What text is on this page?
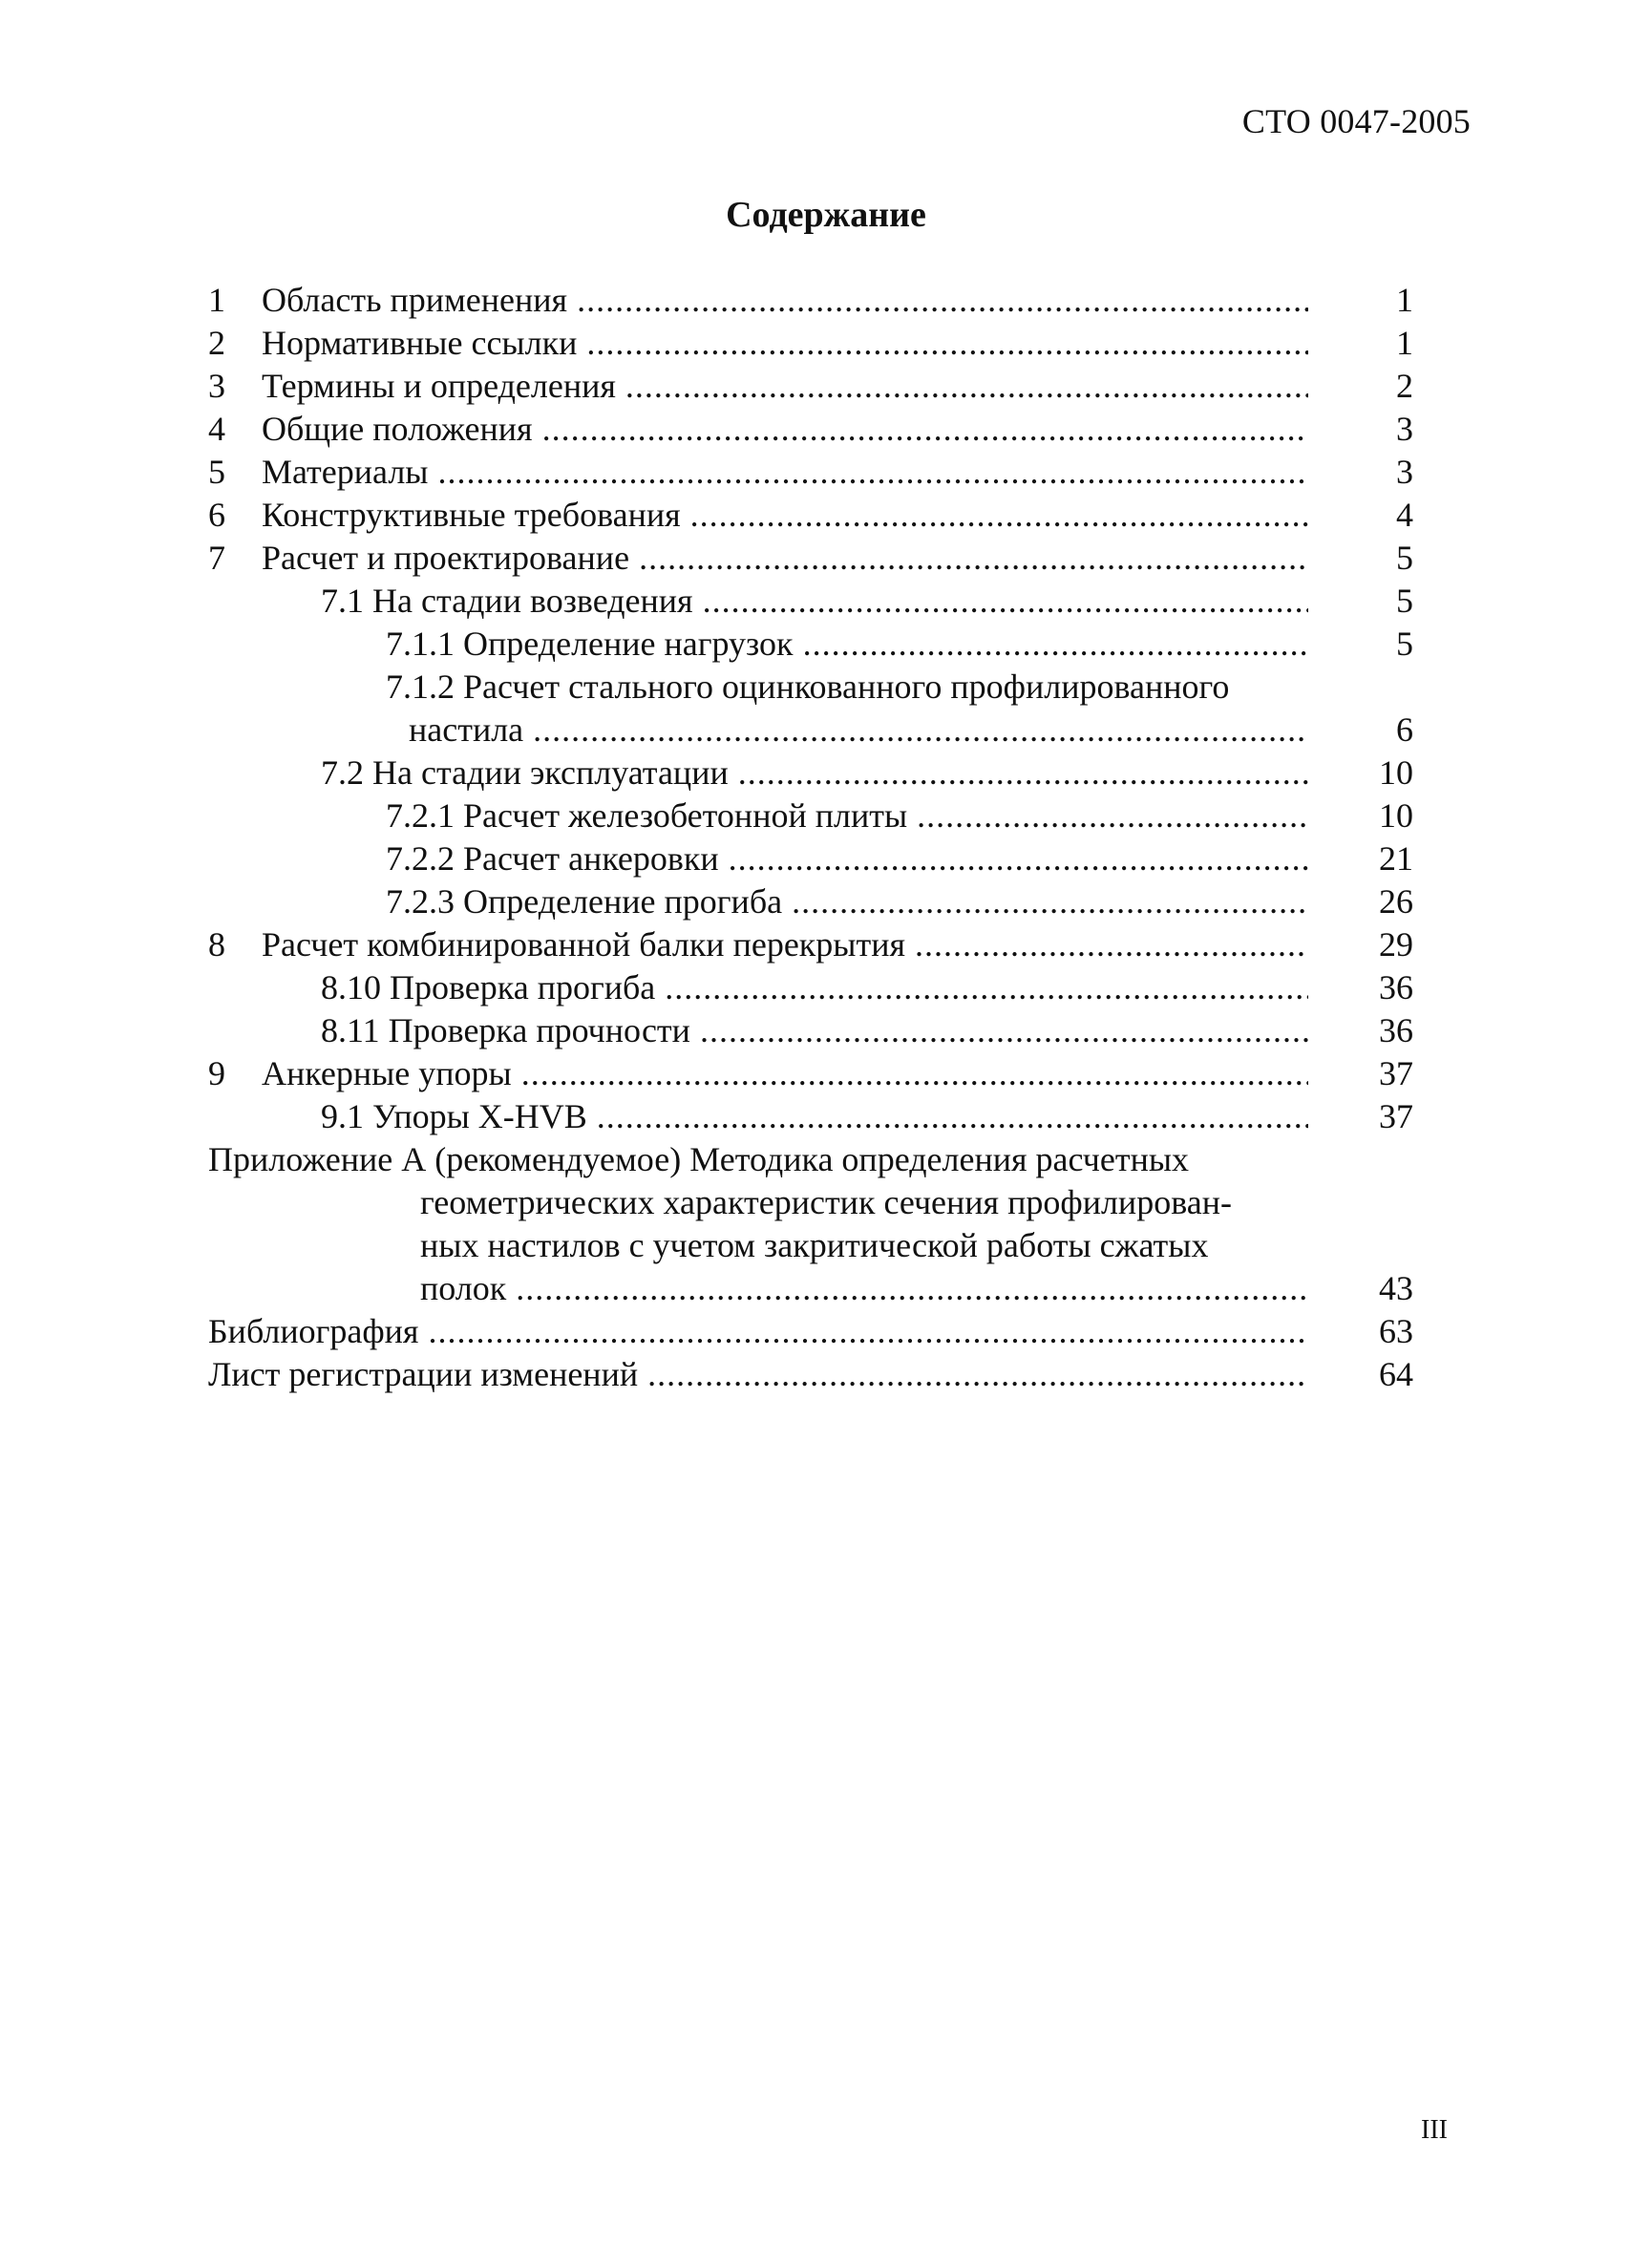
СТО 0047-2005
Содержание
1 Область применения .....	1
2 Нормативные ссылки .....	1
3 Термины и определения .....	2
4 Общие положения .....	3
5 Материалы .....	3
6 Конструктивные требования .....	4
7 Расчет и проектирование .....	5
7.1 На стадии возведения .....	5
7.1.1 Определение нагрузок .....	5
7.1.2 Расчет стального оцинкованного профилированного
настила .....	6
7.2 На стадии эксплуатации .....	10
7.2.1 Расчет железобетонной плиты .....	10
7.2.2 Расчет анкеровки .....	21
7.2.3 Определение прогиба .....	26
8 Расчет комбинированной балки перекрытия .....	29
8.10 Проверка прогиба .....	36
8.11 Проверка прочности .....	36
9 Анкерные упоры .....	37
9.1 Упоры X-HVB .....	37
Приложение А (рекомендуемое) Методика определения расчетных
геометрических характеристик сечения профилирован-
ных настилов с учетом закритической работы сжатых
полок .....	43
Библиография .....	63
Лист регистрации изменений .....	64
III
